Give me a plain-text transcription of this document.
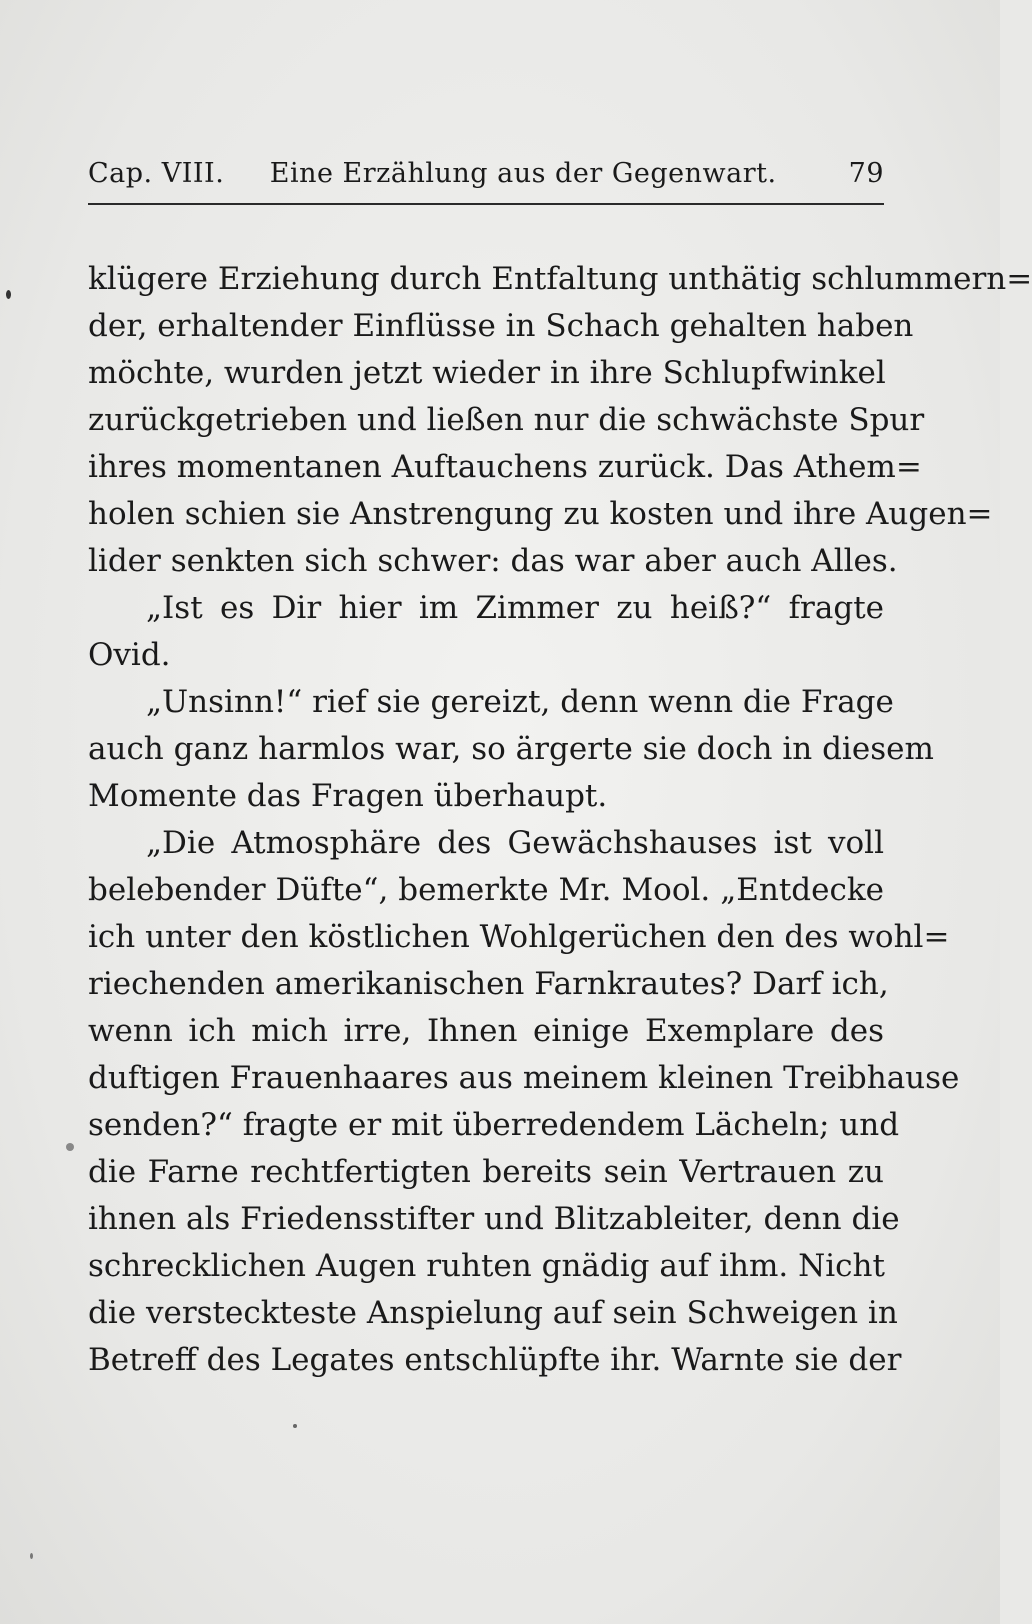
Cap. VIII. Eine Erzählung aus der Gegenwart.	79
klügere Erziehung durch Entfaltung unthätig schlummern=
der, erhaltender Einflüsse in Schach gehalten haben
möchte, wurden jetzt wieder in ihre Schlupfwinkel
zurückgetrieben und ließen nur die schwächste Spur
ihres momentanen Auftauchens zurück. Das Athem=
holen schien sie Anstrengung zu kosten und ihre Augen=
lider senkten sich schwer: das war aber auch Alles.
„Ist es Dir hier im Zimmer zu heiß?“ fragte
Ovid.
„Unsinn!“ rief sie gereizt, denn wenn die Frage
auch ganz harmlos war, so ärgerte sie doch in diesem
Momente das Fragen überhaupt.
„Die Atmosphäre des Gewächshauses ist voll
belebender Düfte“, bemerkte Mr. Mool. „Entdecke
ich unter den köstlichen Wohlgerüchen den des wohl=
riechenden amerikanischen Farnkrautes? Darf ich,
wenn ich mich irre, Ihnen einige Exemplare des
duftigen Frauenhaares aus meinem kleinen Treibhause
senden?“ fragte er mit überredendem Lächeln; und
die Farne rechtfertigten bereits sein Vertrauen zu
ihnen als Friedensstifter und Blitzableiter, denn die
schrecklichen Augen ruhten gnädig auf ihm. Nicht
die versteckteste Anspielung auf sein Schweigen in
Betreff des Legates entschlüpfte ihr. Warnte sie der
